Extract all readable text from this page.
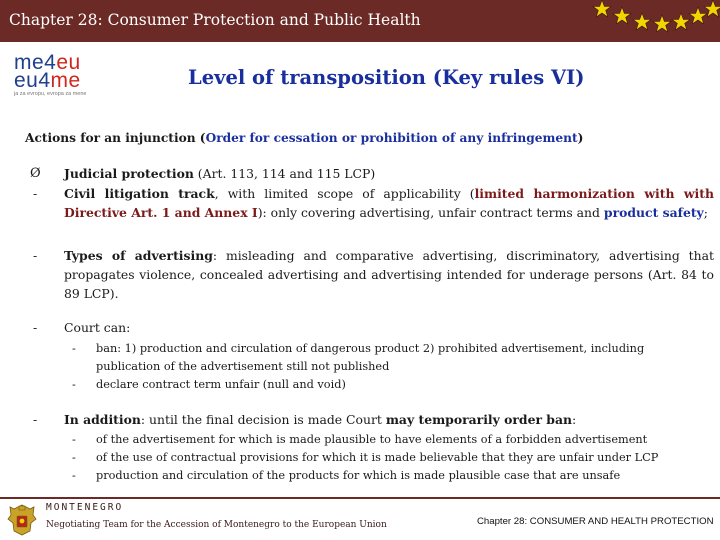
Chapter 28: Consumer Protection and Public Health
me4eu
eu4me
ja za evropu, evropa za mene
Level of transposition (Key rules VI)
Actions for an injunction (Order for cessation or prohibition of any infringement)
Ø Judicial protection (Art. 113, 114 and 115 LCP)
- Civil litigation track, with limited scope of applicability (limited harmonization with with Directive Art. 1 and Annex I): only covering advertising, unfair contract terms and product safety;
- Types of advertising: misleading and comparative advertising, discriminatory, advertising that propagates violence, concealed advertising and advertising intended for underage persons (Art. 84 to 89 LCP).
- Court can:
- ban: 1) production and circulation of dangerous product 2) prohibited advertisement, including publication of the advertisement still not published
- declare contract term unfair (null and void)
- In addition: until the final decision is made Court may temporarily order ban:
- of the advertisement for which is made plausible to have elements of a forbidden advertisement
- of the use of contractual provisions for which it is made believable that they are unfair under LCP
- production and circulation of the products for which is made plausible case that are unsafe
MONTENEGRO
Negotiating Team for the Accession of Montenegro to the European Union	Chapter 28: CONSUMER AND HEALTH PROTECTION
